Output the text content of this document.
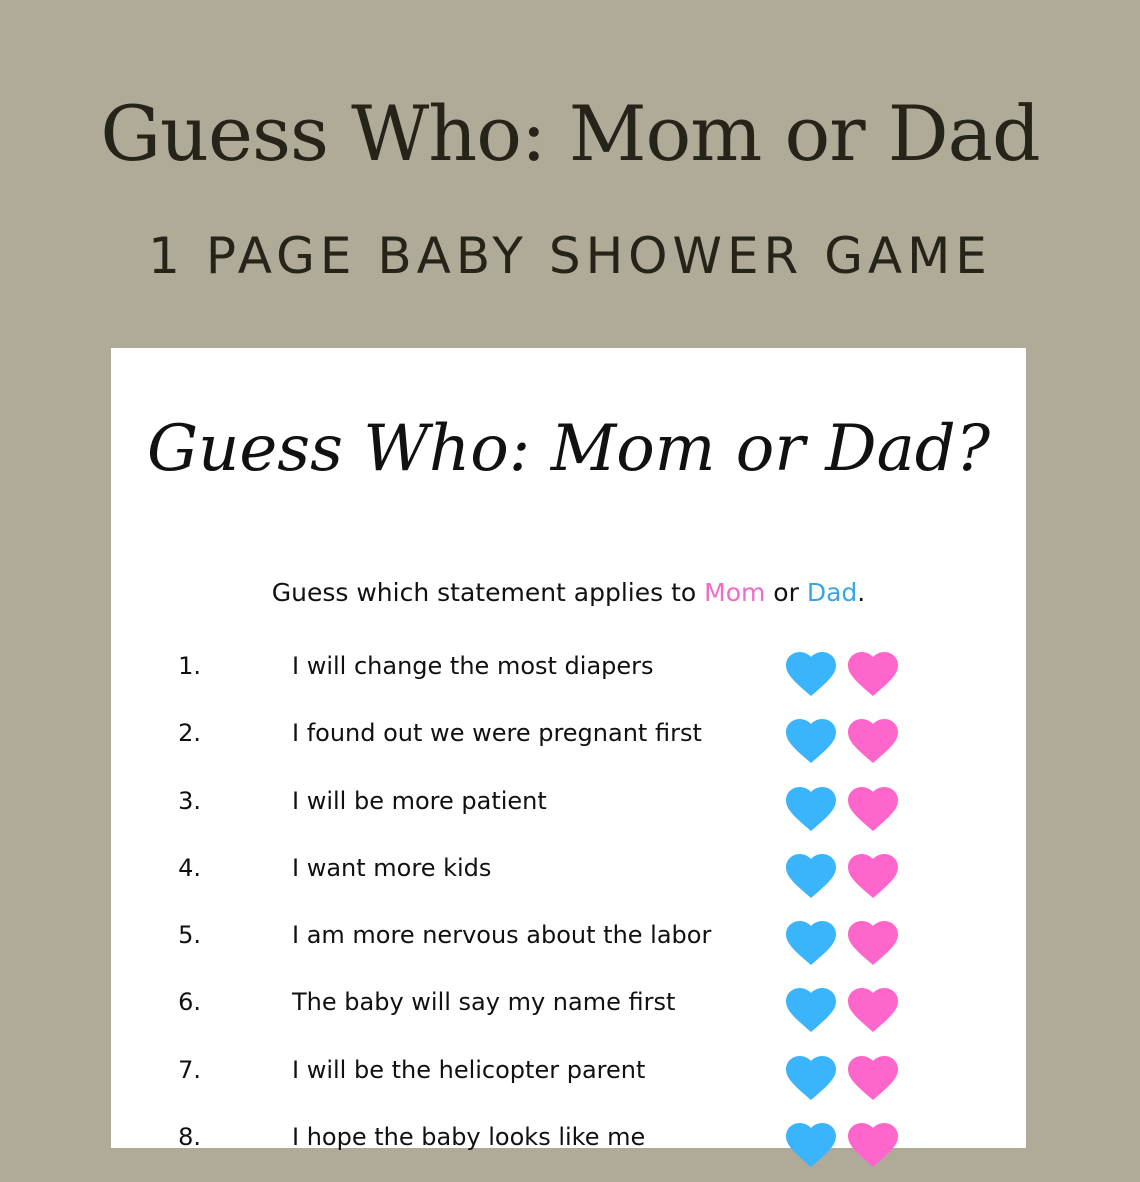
Guess Who: Mom or Dad
1 PAGE BABY SHOWER GAME
Guess Who: Mom or Dad?
Guess which statement applies to Mom or Dad.
1.	I will change the most diapers
2.	I found out we were pregnant first
3.	I will be more patient
4.	I want more kids
5.	I am more nervous about the labor
6.	The baby will say my name first
7.	I will be the helicopter parent
8.	I hope the baby looks like me
